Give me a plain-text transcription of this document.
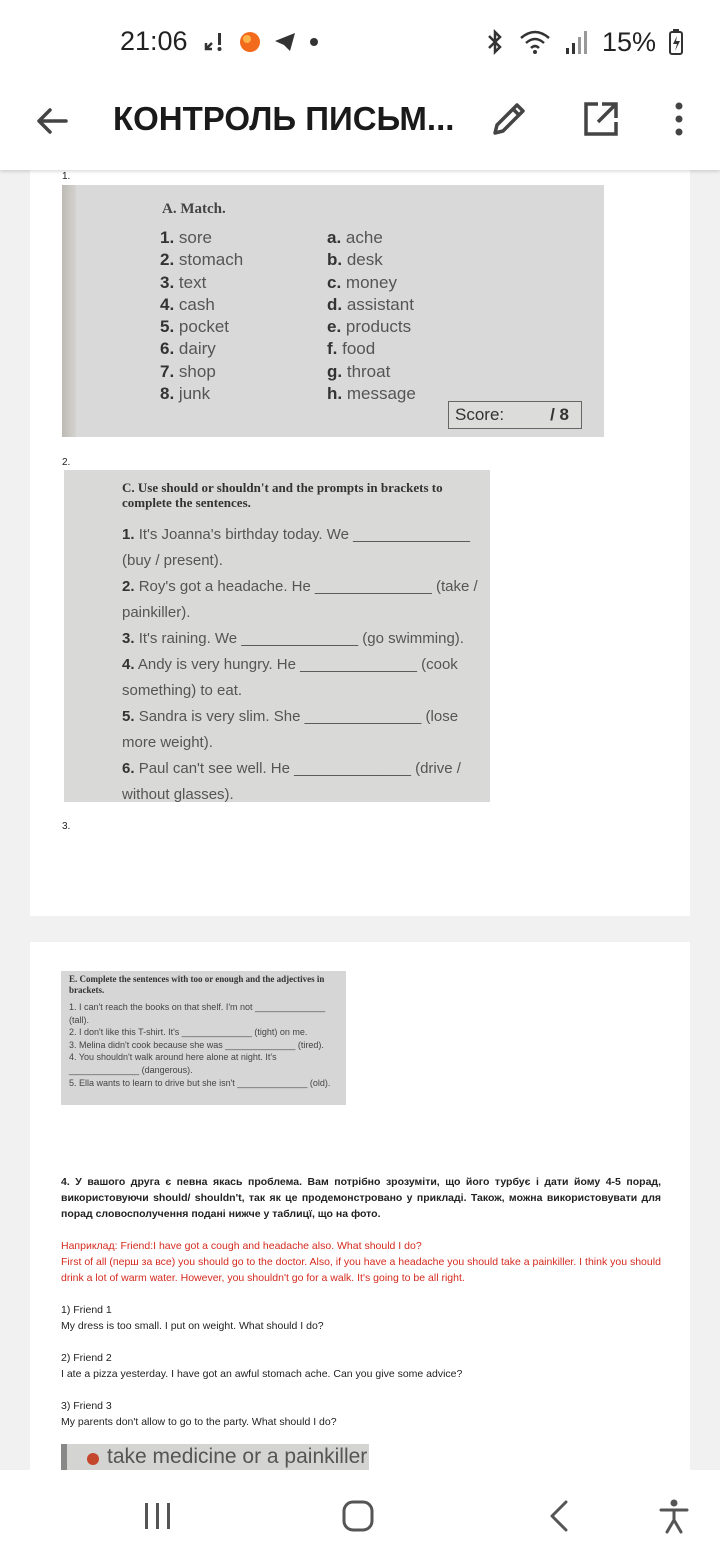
21:06	15%
КОНТРОЛЬ ПИСЬМ...
1.
A. Match.
1. sore
2. stomach
3. text
4. cash
5. pocket
6. dairy
7. shop
8. junk
a. ache
b. desk
c. money
d. assistant
e. products
f. food
g. throat
h. message
Score:	/ 8
2.
C. Use should or shouldn't and the prompts in brackets to complete the sentences.
1. It's Joanna's birthday today. We ______________ (buy / present).
2. Roy's got a headache. He ______________ (take / painkiller).
3. It's raining. We ______________ (go swimming).
4. Andy is very hungry. He ______________ (cook something) to eat.
5. Sandra is very slim. She ______________ (lose more weight).
6. Paul can't see well. He ______________ (drive / without glasses).
3.
E. Complete the sentences with too or enough and the adjectives in brackets.
1. I can't reach the books on that shelf. I'm not ______________ (tall).
2. I don't like this T-shirt. It's ______________ (tight) on me.
3. Melina didn't cook because she was ______________ (tired).
4. You shouldn't walk around here alone at night. It's ______________ (dangerous).
5. Ella wants to learn to drive but she isn't ______________ (old).

4. У вашого друга є певна якась проблема. Вам потрібно зрозуміти, що його турбує і дати йому 4-5 порад, використовуючи should/ shouldn't, так як це продемонстровано у прикладі. Також, можна використовувати для порад словосполучення подані нижче у таблицї, що на фото.

Наприклад: Friend:I have got a cough and headache also. What should I do?

First of all (перш за все) you should go to the doctor. Also, if you have a headache you should take a painkiller. I think you should drink a lot of warm water. However, you shouldn't go for a walk. It's going to be all right.

1) Friend 1

My dress is too small. I put on weight. What should I do?

2) Friend 2

I ate a pizza yesterday. I have got an awful stomach ache. Can you give some advice?

3) Friend 3

My parents don't allow to go to the party. What should I do?

take medicine or a painkiller
